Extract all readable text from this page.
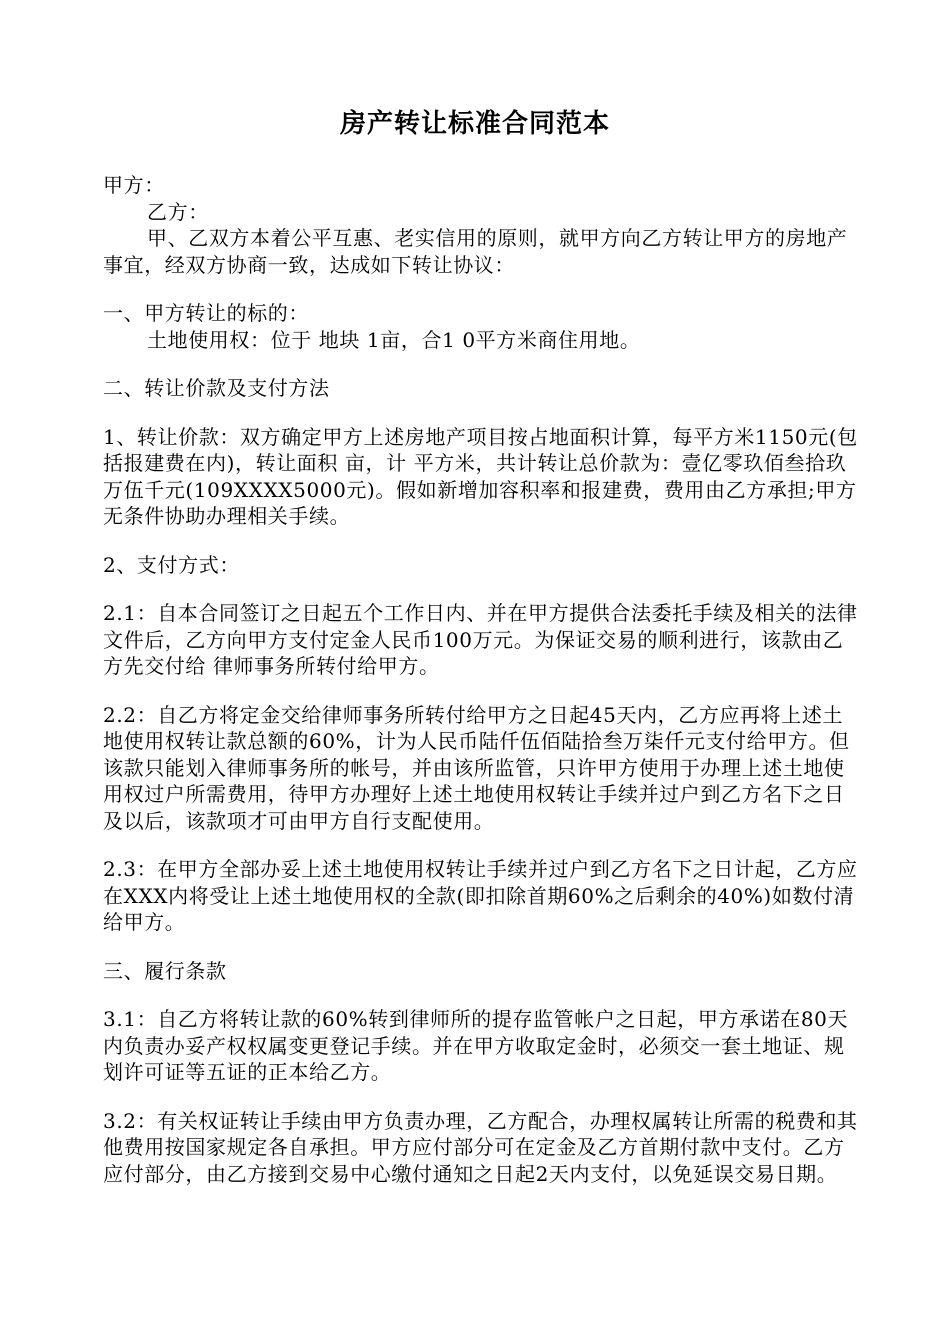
房产转让标准合同范本

甲方：

乙方：

甲、乙双方本着公平互惠、老实信用的原则，就甲方向乙方转让甲方的房地产事宜，经双方协商一致，达成如下转让协议：

一、甲方转让的标的：

土地使用权：位于 地块 1亩，合1 0平方米商住用地。

二、转让价款及支付方法

1、转让价款：双方确定甲方上述房地产项目按占地面积计算，每平方米1150元(包括报建费在内)，转让面积 亩，计 平方米，共计转让总价款为：壹亿零玖佰叁拾玖万伍千元(109XXXX5000元)。假如新增加容积率和报建费，费用由乙方承担;甲方无条件协助办理相关手续。

2、支付方式：

2.1：自本合同签订之日起五个工作日内、并在甲方提供合法委托手续及相关的法律文件后，乙方向甲方支付定金人民币100万元。为保证交易的顺利进行，该款由乙方先交付给 律师事务所转付给甲方。

2.2：自乙方将定金交给律师事务所转付给甲方之日起45天内，乙方应再将上述土地使用权转让款总额的60%，计为人民币陆仟伍佰陆拾叁万柒仟元支付给甲方。但该款只能划入律师事务所的帐号，并由该所监管，只许甲方使用于办理上述土地使用权过户所需费用，待甲方办理好上述土地使用权转让手续并过户到乙方名下之日及以后，该款项才可由甲方自行支配使用。

2.3：在甲方全部办妥上述土地使用权转让手续并过户到乙方名下之日计起，乙方应在XXX内将受让上述土地使用权的全款(即扣除首期60%之后剩余的40%)如数付清给甲方。

三、履行条款

3.1：自乙方将转让款的60%转到律师所的提存监管帐户之日起，甲方承诺在80天内负责办妥产权权属变更登记手续。并在甲方收取定金时，必须交一套土地证、规划许可证等五证的正本给乙方。

3.2：有关权证转让手续由甲方负责办理，乙方配合，办理权属转让所需的税费和其他费用按国家规定各自承担。甲方应付部分可在定金及乙方首期付款中支付。乙方应付部分，由乙方接到交易中心缴付通知之日起2天内支付，以免延误交易日期。
